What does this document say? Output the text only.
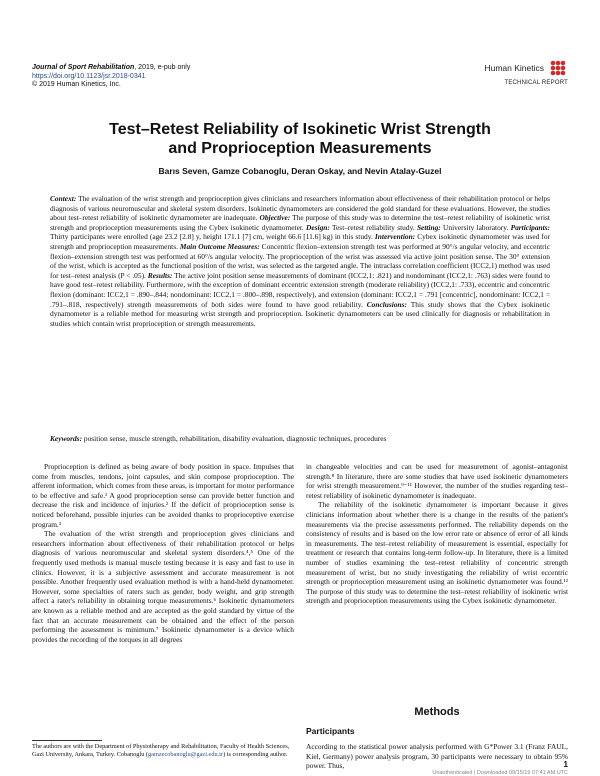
Journal of Sport Rehabilitation, 2019, e-pub only
https://doi.org/10.1123/jsr.2018-0341
© 2019 Human Kinetics, Inc.
Human Kinetics
TECHNICAL REPORT
Test–Retest Reliability of Isokinetic Wrist Strength
and Proprioception Measurements
Barıs Seven, Gamze Cobanoglu, Deran Oskay, and Nevin Atalay-Guzel
Context: The evaluation of the wrist strength and proprioception gives clinicians and researchers information about effectiveness of their rehabilitation protocol or helps diagnosis of various neuromuscular and skeletal system disorders. Isokinetic dynamometers are considered the gold standard for these evaluations. However, the studies about test–retest reliability of isokinetic dynamometer are inadequate. Objective: The purpose of this study was to determine the test–retest reliability of isokinetic wrist strength and proprioception measurements using the Cybex isokinetic dynamometer. Design: Test–retest reliability study. Setting: University laboratory. Participants: Thirty participants were enrolled (age 23.2 [2.8] y, height 171.1 [7] cm, weight 66.6 [11.6] kg) in this study. Intervention: Cybex isokinetic dynamometer was used for strength and proprioception measurements. Main Outcome Measures: Concentric flexion–extension strength test was performed at 90°/s angular velocity, and eccentric flexion–extension strength test was performed at 60°/s angular velocity. The proprioception of the wrist was assessed via active joint position sense. The 30° extension of the wrist, which is accepted as the functional position of the wrist, was selected as the targeted angle. The intraclass correlation coefficient (ICC2,1) method was used for test–retest analysis (P < .05). Results: The active joint position sense measurements of dominant (ICC2,1: .821) and nondominant (ICC2,1: .763) sides were found to have good test–retest reliability. Furthermore, with the exception of dominant eccentric extension strength (moderate reliability) (ICC2,1: .733), eccentric and concentric flexion (dominant: ICC2,1 = .890–.844; nondominant: ICC2,1 = .800–.898, respectively), and extension (dominant: ICC2,1 = .791 [concentric], nondominant: ICC2,1 = .791–.818, respectively) strength measurements of both sides were found to have good reliability. Conclusions: This study shows that the Cybex isokinetic dynamometer is a reliable method for measuring wrist strength and proprioception. Isokinetic dynamometers can be used clinically for diagnosis or rehabilitation in studies which contain wrist proprioception or strength measurements.
Keywords: position sense, muscle strength, rehabilitation, disability evaluation, diagnostic techniques, procedures

Proprioception is defined as being aware of body position in space. Impulses that come from muscles, tendons, joint capsules, and skin compose proprioception. The afferent information, which comes from these areas, is important for motor performance to be effective and safe.¹ A good proprioception sense can provide better function and decrease the risk and incidence of injuries.² If the deficit of proprioception sense is noticed beforehand, possible injuries can be avoided thanks to proprioceptive exercise program.³

The evaluation of the wrist strength and proprioception gives clinicians and researchers information about effectiveness of their rehabilitation protocol or helps diagnosis of various neuromuscular and skeletal system disorders.⁴,⁵ One of the frequently used methods is manual muscle testing because it is easy and fast to use in clinics. However, it is a subjective assessment and accurate measurement is not possible. Another frequently used evaluation method is with a hand-held dynamometer. However, some specialties of raters such as gender, body weight, and grip strength affect a rater's reliability in obtaining torque measurements.⁶ Isokinetic dynamometers are known as a reliable method and are accepted as the gold standard by virtue of the fact that an accurate measurement can be obtained and the effect of the person performing the assessment is minimum.⁷ Isokinetic dynamometer is a device which provides the recording of the torques in all degrees

The authors are with the Department of Physiotherapy and Rehabilitation, Faculty of Health Sciences, Gazi University, Ankara, Turkey. Cobanoglu (gamzecobanoglu@gazi.edu.tr) is corresponding author.

in changeable velocities and can be used for measurement of agonist–antagonist strength.⁸ In literature, there are some studies that have used isokinetic dynamometers for wrist strength measurement.⁹⁻¹¹ However, the number of the studies regarding test–retest reliability of isokinetic dynamometer is inadequate.

The reliability of the isokinetic dynamometer is important because it gives clinicians information about whether there is a change in the results of the patient's measurements via the precise assessments performed. The reliability depends on the consistency of results and is based on the low error rate or absence of error of all kinds in measurements. The test–retest reliability of measurement is essential, especially for treatment or research that contains long-term follow-up. In literature, there is a limited number of studies examining the test–retest reliability of concentric strength measurement of wrist, but no study investigating the reliability of wrist eccentric strength or proprioception measurement using an isokinetic dynamometer was found.¹² The purpose of this study was to determine the test–retest reliability of isokinetic wrist strength and proprioception measurements using the Cybex isokinetic dynamometer.

Methods
Participants

According to the statistical power analysis performed with G*Power 3.1 (Franz FAUL, Kiel, Germany) power analysis program, 30 participants were necessary to obtain 95% power. Thus,	1
Unauthenticated | Downloaded 09/15/19 07:41 AM UTC
